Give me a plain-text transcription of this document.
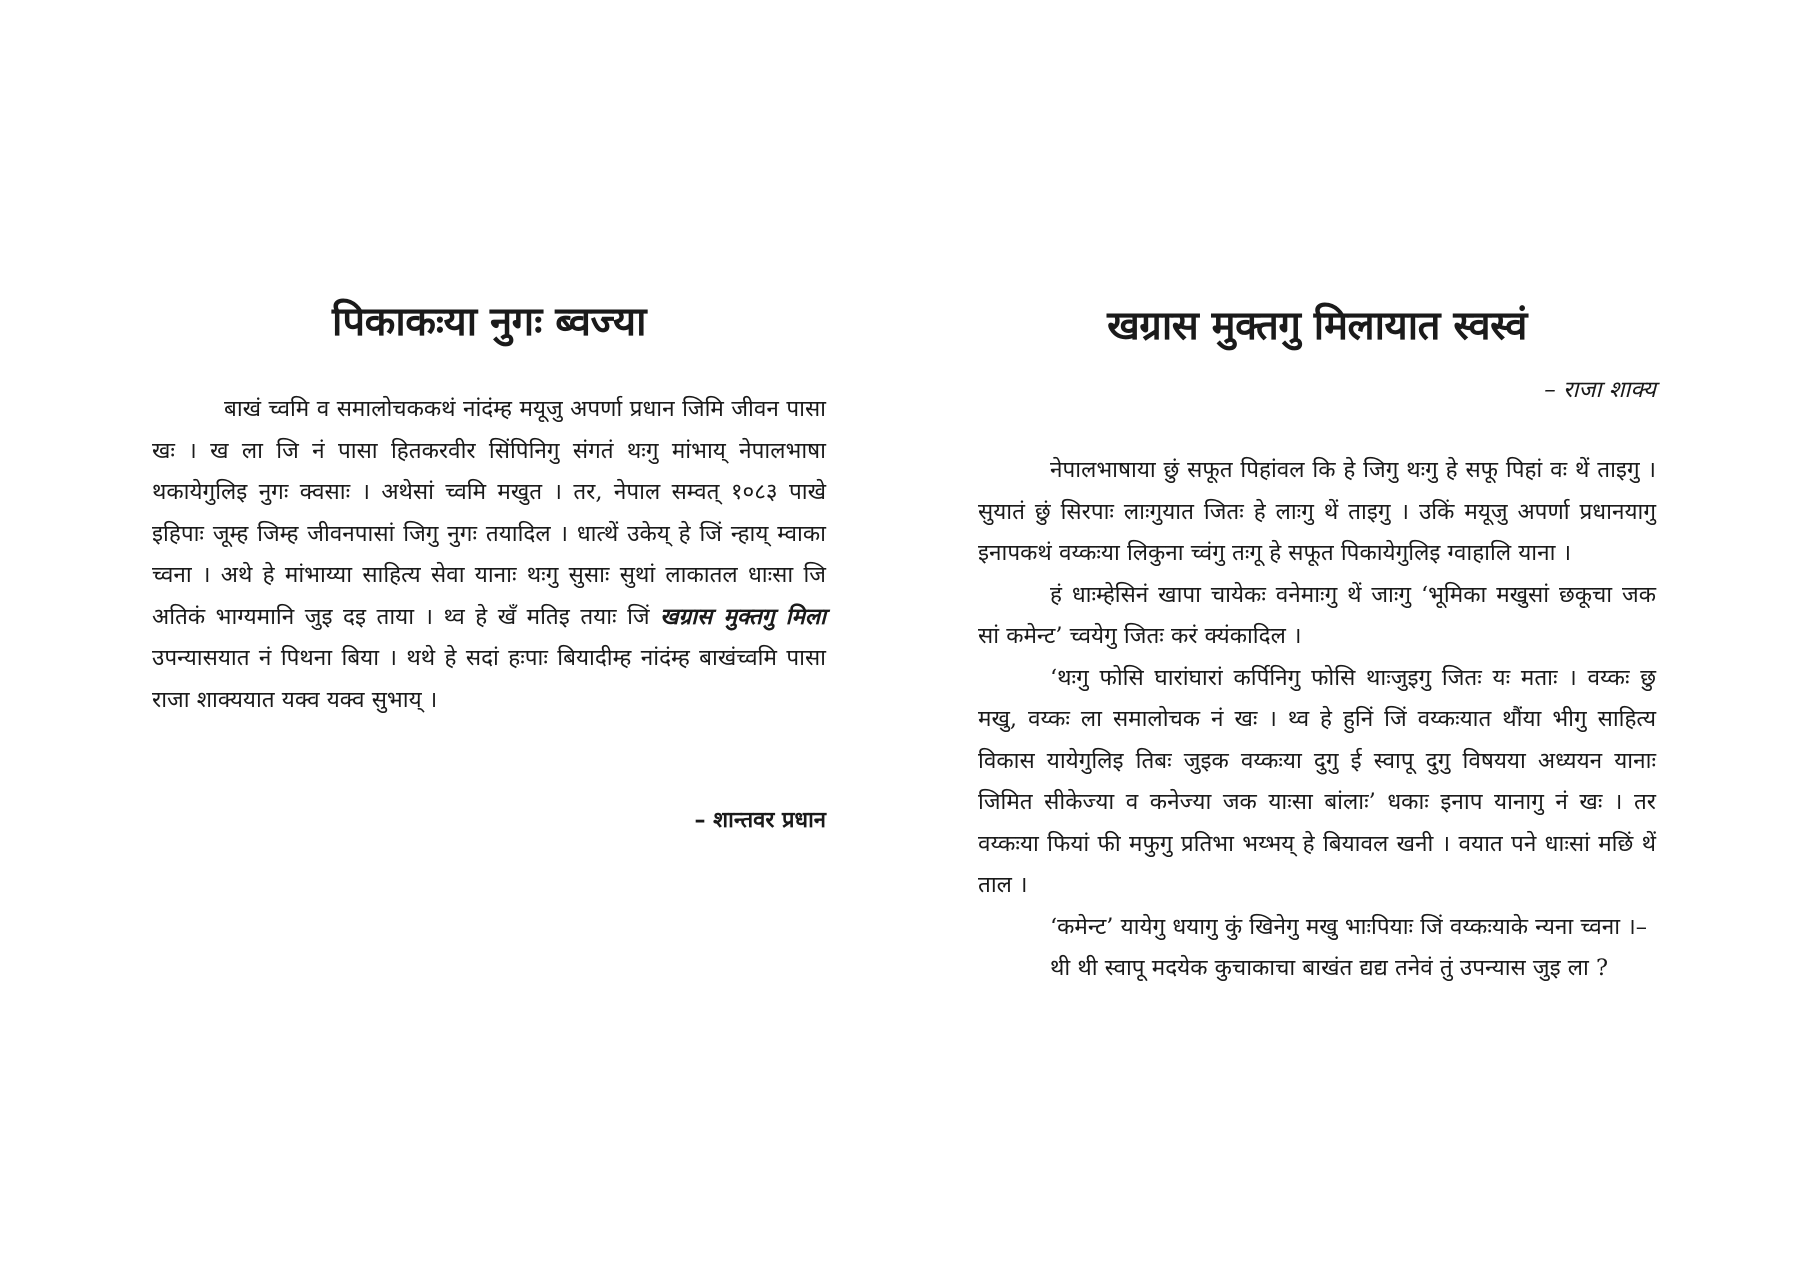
पिकाकःया नुगः ब्वज्या

बाखं च्वमि व समालोचककथं नांदंम्ह मयूजु अपर्णा प्रधान जिमि जीवन पासा खः । ख ला जि नं पासा हितकरवीर सिंपिनिगु संगतं थःगु मांभाय् नेपालभाषा थकायेगुलिइ नुगः क्वसाः । अथेसां च्वमि मखुत । तर, नेपाल सम्वत् १०८३ पाखे इहिपाः जूम्ह जिम्ह जीवनपासां जिगु नुगः तयादिल । धात्थें उकेय् हे जिं न्हाय् म्वाका च्वना । अथे हे मांभाय्या साहित्य सेवा यानाः थःगु सुसाः सुथां लाकातल धाःसा जि अतिकं भाग्यमानि जुइ दइ ताया । थ्व हे खँ मतिइ तयाः जिं खग्रास मुक्तगु मिला उपन्यासयात नं पिथना बिया । थथे हे सदां हःपाः बियादीम्ह नांदंम्ह बाखंच्वमि पासा राजा शाक्ययात यक्व यक्व सुभाय् ।

– शान्तवर प्रधान
खग्रास मुक्तगु मिलायात स्वस्वं
– राजा शाक्य

नेपालभाषाया छुं सफूत पिहांवल कि हे जिगु थःगु हे सफू पिहां वः थें ताइगु । सुयातं छुं सिरपाः लाःगुयात जितः हे लाःगु थें ताइगु । उकिं मयूजु अपर्णा प्रधानयागु इनापकथं वय्कःया लिकुना च्वंगु तःगू हे सफूत पिकायेगुलिइ ग्वाहालि याना ।

हं धाःम्हेसिनं खापा चायेकः वनेमाःगु थें जाःगु ‘भूमिका मखुसां छकूचा जक सां कमेन्ट’ च्वयेगु जितः करं क्यंकादिल ।

‘थःगु फोसि घारांघारां कर्पिनिगु फोसि थाःजुइगु जितः यः मताः । वय्कः छु मखु, वय्कः ला समालोचक नं खः । थ्व हे हुनिं जिं वय्कःयात थौंया भीगु साहित्य विकास यायेगुलिइ तिबः जुइक वय्कःया दुगु ई स्वापू दुगु विषयया अध्ययन यानाः जिमित सीकेज्या व कनेज्या जक याःसा बांलाः’ धकाः इनाप यानागु नं खः । तर वय्कःया फियां फी मफुगु प्रतिभा भय्भय् हे बियावल खनी । वयात पने धाःसां मछिं थें ताल ।

‘कमेन्ट’ यायेगु धयागु कुं खिनेगु मखु भाःपियाः जिं वय्कःयाके न्यना च्वना ।–

थी थी स्वापू मदयेक कुचाकाचा बाखंत द्यद्य तनेवं तुं उपन्यास जुइ ला ?
